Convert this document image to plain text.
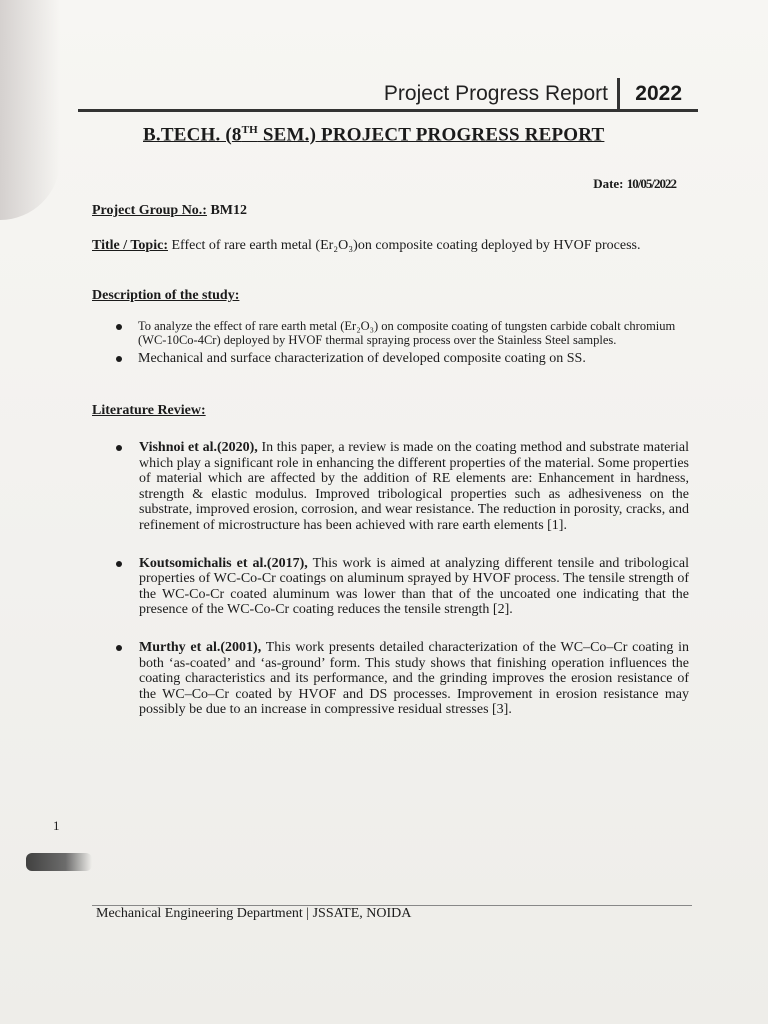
Project Progress Report 2022
B.TECH. (8TH SEM.) PROJECT PROGRESS REPORT
Date: 10/05/2022
Project Group No.: BM12
Title / Topic: Effect of rare earth metal (Er₂O₃)on composite coating deployed by HVOF process.
Description of the study:
To analyze the effect of rare earth metal (Er₂O₃) on composite coating of tungsten carbide cobalt chromium (WC-10Co-4Cr) deployed by HVOF thermal spraying process over the Stainless Steel samples.
Mechanical and surface characterization of developed composite coating on SS.
Literature Review:
Vishnoi et al.(2020), In this paper, a review is made on the coating method and substrate material which play a significant role in enhancing the different properties of the material. Some properties of material which are affected by the addition of RE elements are: Enhancement in hardness, strength & elastic modulus. Improved tribological properties such as adhesiveness on the substrate, improved erosion, corrosion, and wear resistance. The reduction in porosity, cracks, and refinement of microstructure has been achieved with rare earth elements [1].
Koutsomichalis et al.(2017), This work is aimed at analyzing different tensile and tribological properties of WC-Co-Cr coatings on aluminum sprayed by HVOF process. The tensile strength of the WC-Co-Cr coated aluminum was lower than that of the uncoated one indicating that the presence of the WC-Co-Cr coating reduces the tensile strength [2].
Murthy et al.(2001), This work presents detailed characterization of the WC–Co–Cr coating in both ‘as-coated’ and ‘as-ground’ form. This study shows that finishing operation influences the coating characteristics and its performance, and the grinding improves the erosion resistance of the WC–Co–Cr coated by HVOF and DS processes. Improvement in erosion resistance may possibly be due to an increase in compressive residual stresses [3].
1
Mechanical Engineering Department | JSSATE, NOIDA
